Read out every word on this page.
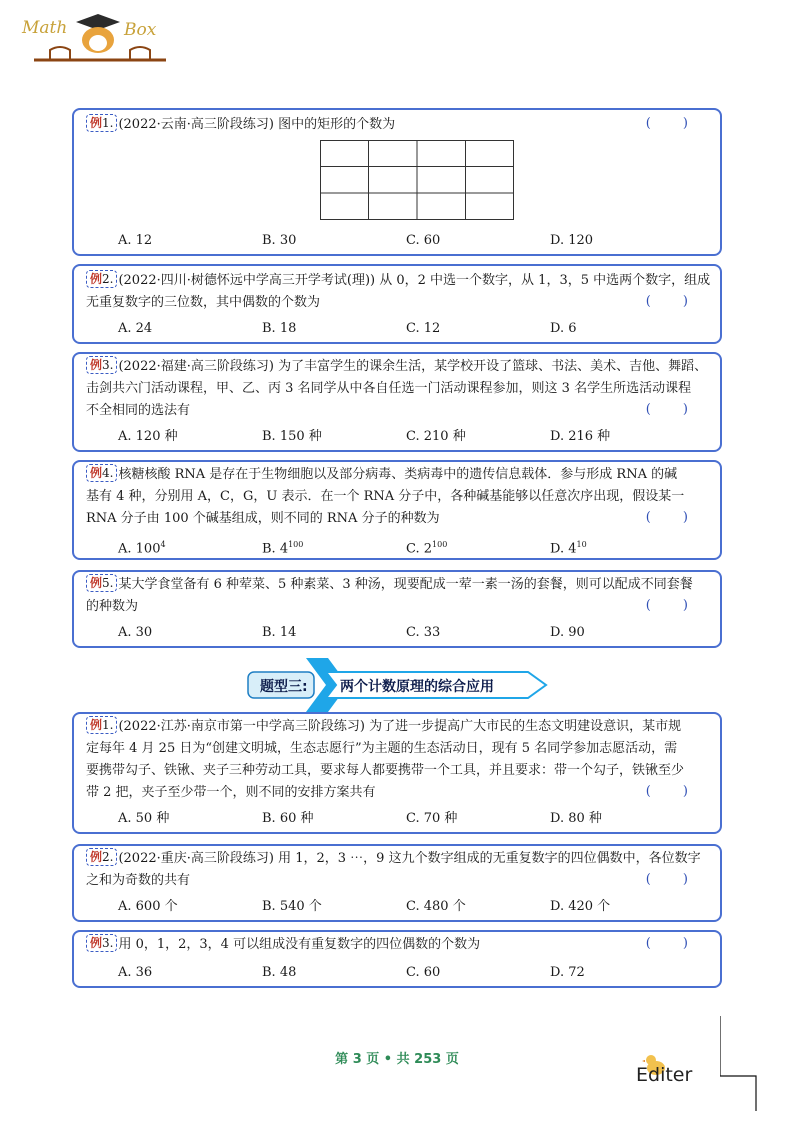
Math	Box
例1. (2022·云南·高三阶段练习) 图中的矩形的个数为	( )
A. 12	B. 30	C. 60	D. 120
例2. (2022·四川·树德怀远中学高三开学考试(理)) 从 0，2 中选一个数字，从 1，3，5 中选两个数字，组成
无重复数字的三位数，其中偶数的个数为	( )
A. 24	B. 18	C. 12	D. 6
例3. (2022·福建·高三阶段练习) 为了丰富学生的课余生活，某学校开设了篮球、书法、美术、吉他、舞蹈、
击剑共六门活动课程，甲、乙、丙 3 名同学从中各自任选一门活动课程参加，则这 3 名学生所选活动课程
不全相同的选法有	( )
A. 120 种	B. 150 种	C. 210 种	D. 216 种
例4. 核糖核酸 RNA 是存在于生物细胞以及部分病毒、类病毒中的遗传信息载体．参与形成 RNA 的碱
基有 4 种，分别用 A，C，G，U 表示．在一个 RNA 分子中，各种碱基能够以任意次序出现，假设某一
RNA 分子由 100 个碱基组成，则不同的 RNA 分子的种数为	( )
A. $100^4$	B. $4^{100}$	C. $2^{100}$	D. $4^{10}$
例5. 某大学食堂备有 6 种荤菜、5 种素菜、3 种汤，现要配成一荤一素一汤的套餐，则可以配成不同套餐
的种数为	( )
A. 30	B. 14	C. 33	D. 90
题型三: 两个计数原理的综合应用
例1. (2022·江苏·南京市第一中学高三阶段练习) 为了进一步提高广大市民的生态文明建设意识，某市规
定每年 4 月 25 日为“创建文明城，生态志愿行”为主题的生态活动日，现有 5 名同学参加志愿活动，需
要携带勾子、铁锹、夹子三种劳动工具，要求每人都要携带一个工具，并且要求：带一个勾子，铁锹至少
带 2 把，夹子至少带一个，则不同的安排方案共有	( )
A. 50 种	B. 60 种	C. 70 种	D. 80 种
例2. (2022·重庆·高三阶段练习) 用 1，2，3 ⋯，9 这九个数字组成的无重复数字的四位偶数中，各位数字
之和为奇数的共有	( )
A. 600 个	B. 540 个	C. 480 个	D. 420 个
例3. 用 0，1，2，3，4 可以组成没有重复数字的四位偶数的个数为	( )
A. 36	B. 48	C. 60	D. 72
第 3 页 • 共 253 页
Editer
